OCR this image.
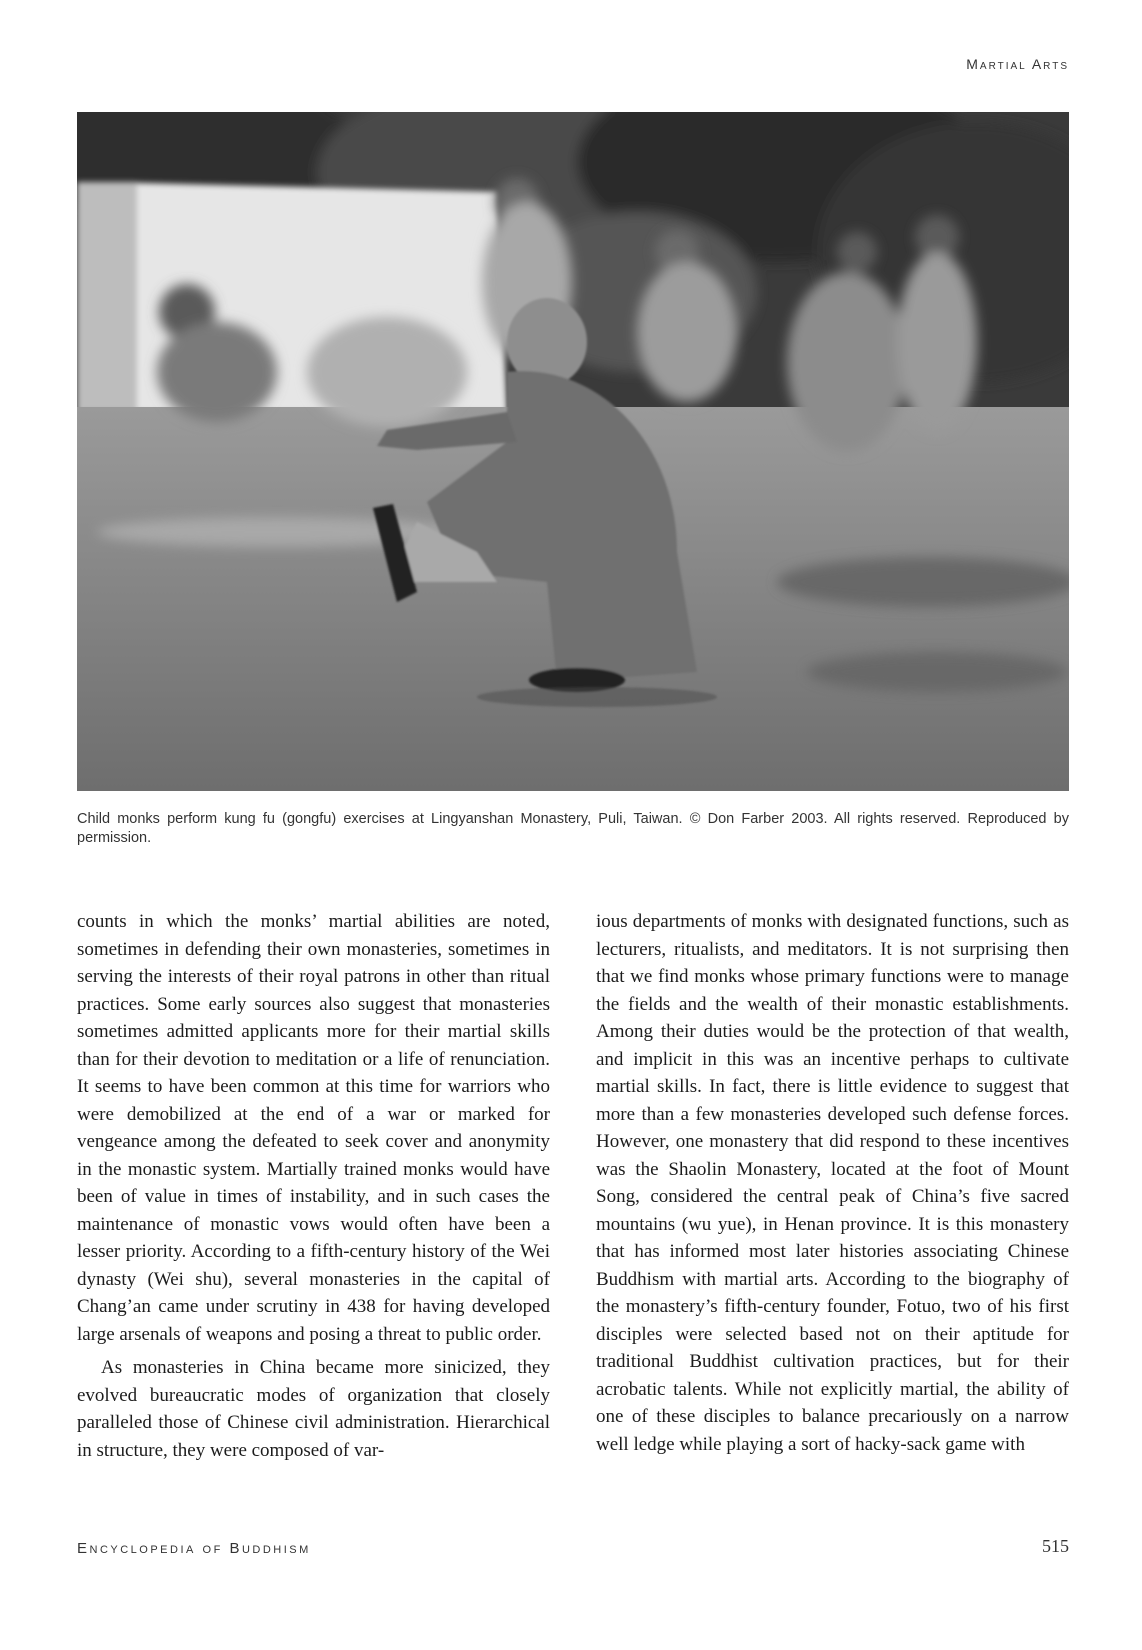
Martial Arts
Child monks perform kung fu (gongfu) exercises at Lingyanshan Monastery, Puli, Taiwan. © Don Farber 2003. All rights reserved. Reproduced by permission.

counts in which the monks’ martial abilities are noted, sometimes in defending their own monasteries, sometimes in serving the interests of their royal patrons in other than ritual practices. Some early sources also suggest that monasteries sometimes admitted applicants more for their martial skills than for their devotion to meditation or a life of renunciation. It seems to have been common at this time for warriors who were demobilized at the end of a war or marked for vengeance among the defeated to seek cover and anonymity in the monastic system. Martially trained monks would have been of value in times of instability, and in such cases the maintenance of monastic vows would often have been a lesser priority. According to a fifth-century history of the Wei dynasty (Wei shu), several monasteries in the capital of Chang’an came under scrutiny in 438 for having developed large arsenals of weapons and posing a threat to public order.

As monasteries in China became more sinicized, they evolved bureaucratic modes of organization that closely paralleled those of Chinese civil administration. Hierarchical in structure, they were composed of var-

ious departments of monks with designated functions, such as lecturers, ritualists, and meditators. It is not surprising then that we find monks whose primary functions were to manage the fields and the wealth of their monastic establishments. Among their duties would be the protection of that wealth, and implicit in this was an incentive perhaps to cultivate martial skills. In fact, there is little evidence to suggest that more than a few monasteries developed such defense forces. However, one monastery that did respond to these incentives was the Shaolin Monastery, located at the foot of Mount Song, considered the central peak of China’s five sacred mountains (wu yue), in Henan province. It is this monastery that has informed most later histories associating Chinese Buddhism with martial arts. According to the biography of the monastery’s fifth-century founder, Fotuo, two of his first disciples were selected based not on their aptitude for traditional Buddhist cultivation practices, but for their acrobatic talents. While not explicitly martial, the ability of one of these disciples to balance precariously on a narrow well ledge while playing a sort of hacky-sack game with

Encyclopedia of Buddhism	515
